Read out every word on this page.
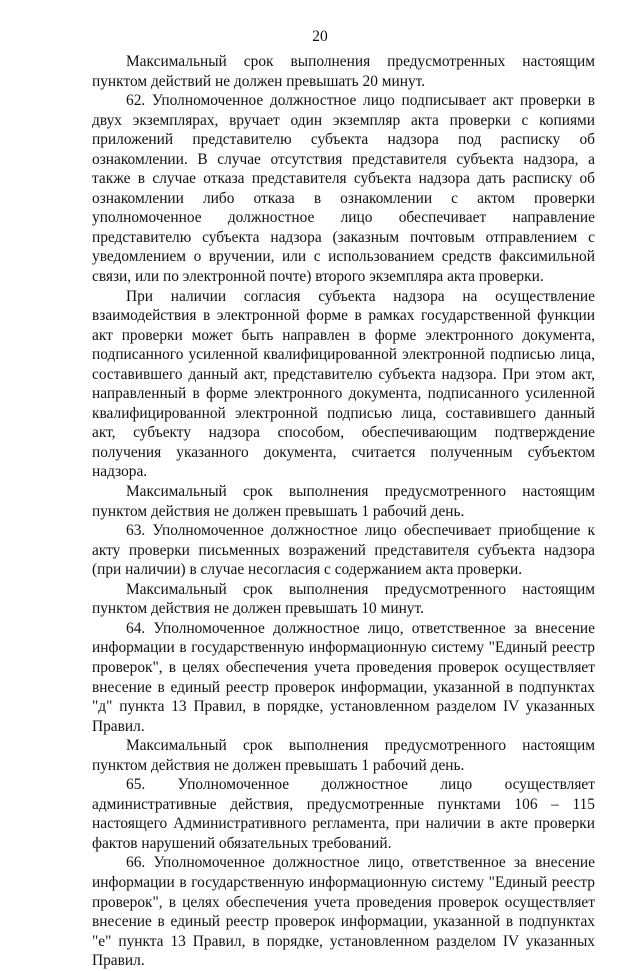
20

Максимальный срок выполнения предусмотренных настоящим пунктом действий не должен превышать 20 минут.

62. Уполномоченное должностное лицо подписывает акт проверки в двух экземплярах, вручает один экземпляр акта проверки с копиями приложений представителю субъекта надзора под расписку об ознакомлении. В случае отсутствия представителя субъекта надзора, а также в случае отказа представителя субъекта надзора дать расписку об ознакомлении либо отказа в ознакомлении с актом проверки уполномоченное должностное лицо обеспечивает направление представителю субъекта надзора (заказным почтовым отправлением с уведомлением о вручении, или с использованием средств факсимильной связи, или по электронной почте) второго экземпляра акта проверки.

При наличии согласия субъекта надзора на осуществление взаимодействия в электронной форме в рамках государственной функции акт проверки может быть направлен в форме электронного документа, подписанного усиленной квалифицированной электронной подписью лица, составившего данный акт, представителю субъекта надзора. При этом акт, направленный в форме электронного документа, подписанного усиленной квалифицированной электронной подписью лица, составившего данный акт, субъекту надзора способом, обеспечивающим подтверждение получения указанного документа, считается полученным субъектом надзора.

Максимальный срок выполнения предусмотренного настоящим пунктом действия не должен превышать 1 рабочий день.

63. Уполномоченное должностное лицо обеспечивает приобщение к акту проверки письменных возражений представителя субъекта надзора (при наличии) в случае несогласия с содержанием акта проверки.

Максимальный срок выполнения предусмотренного настоящим пунктом действия не должен превышать 10 минут.

64. Уполномоченное должностное лицо, ответственное за внесение информации в государственную информационную систему "Единый реестр проверок", в целях обеспечения учета проведения проверок осуществляет внесение в единый реестр проверок информации, указанной в подпунктах "д" пункта 13 Правил, в порядке, установленном разделом IV указанных Правил.

Максимальный срок выполнения предусмотренного настоящим пунктом действия не должен превышать 1 рабочий день.

65. Уполномоченное должностное лицо осуществляет административные действия, предусмотренные пунктами 106 – 115 настоящего Административного регламента, при наличии в акте проверки фактов нарушений обязательных требований.

66. Уполномоченное должностное лицо, ответственное за внесение информации в государственную информационную систему "Единый реестр проверок", в целях обеспечения учета проведения проверок осуществляет внесение в единый реестр проверок информации, указанной в подпунктах "е" пункта 13 Правил, в порядке, установленном разделом IV указанных Правил.
